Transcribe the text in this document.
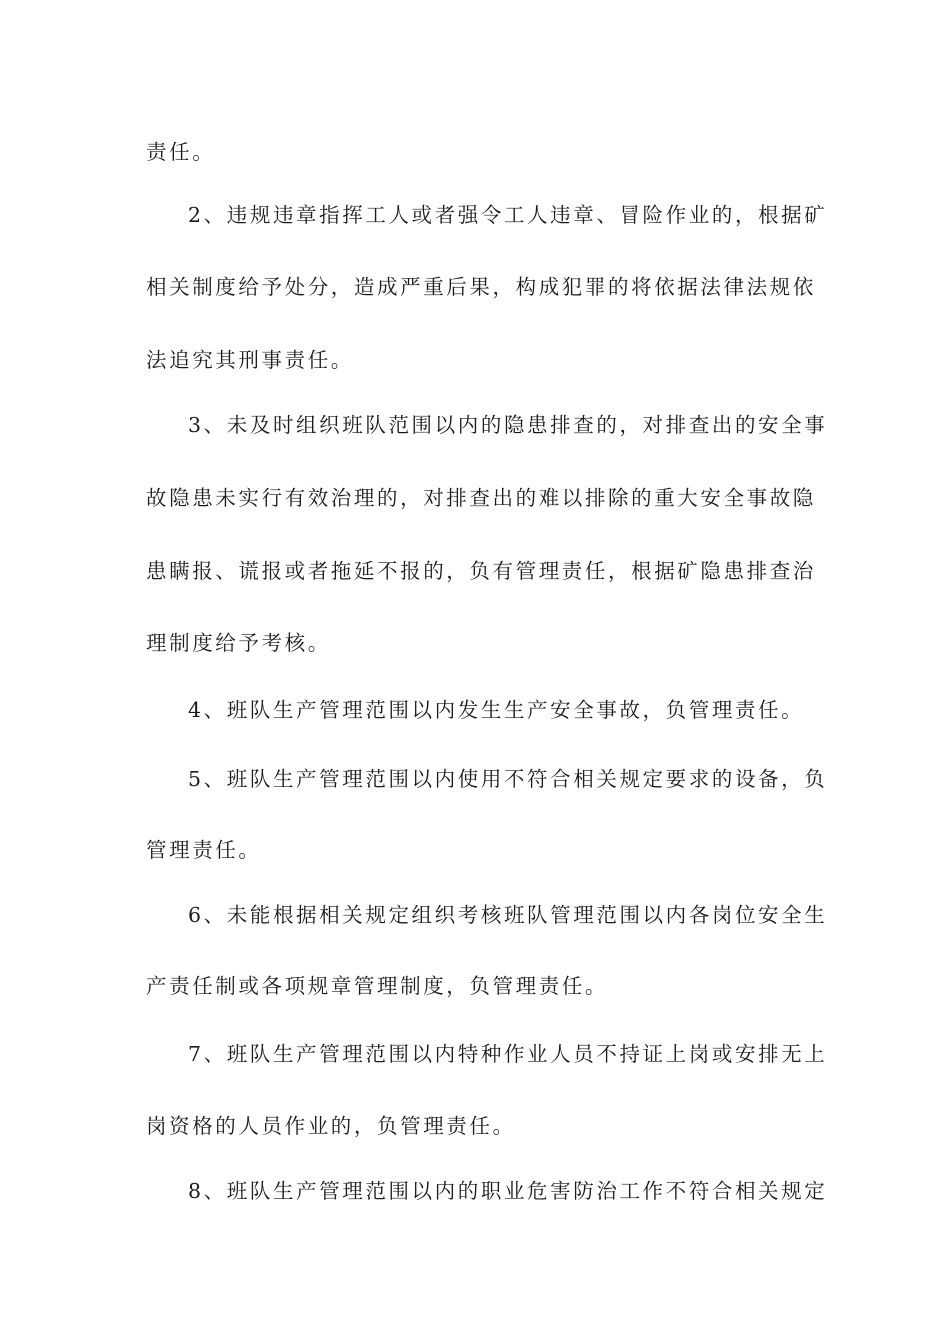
责任。
2、违规违章指挥工人或者强令工人违章、冒险作业的，根据矿
相关制度给予处分，造成严重后果，构成犯罪的将依据法律法规依
法追究其刑事责任。
3、未及时组织班队范围以内的隐患排查的，对排查出的安全事
故隐患未实行有效治理的，对排查出的难以排除的重大安全事故隐
患瞒报、谎报或者拖延不报的，负有管理责任，根据矿隐患排查治
理制度给予考核。
4、班队生产管理范围以内发生生产安全事故，负管理责任。
5、班队生产管理范围以内使用不符合相关规定要求的设备，负
管理责任。
6、未能根据相关规定组织考核班队管理范围以内各岗位安全生
产责任制或各项规章管理制度，负管理责任。
7、班队生产管理范围以内特种作业人员不持证上岗或安排无上
岗资格的人员作业的，负管理责任。
8、班队生产管理范围以内的职业危害防治工作不符合相关规定
